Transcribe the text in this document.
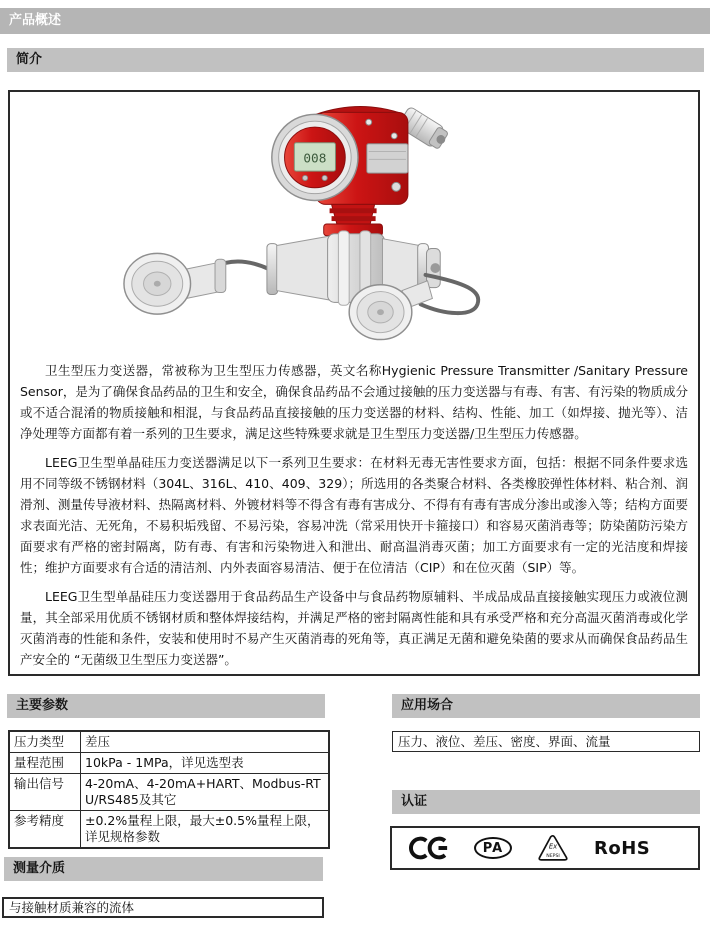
产品概述
简介
008

卫生型压力变送器，常被称为卫生型压力传感器，英文名称Hygienic Pressure Transmitter /Sanitary Pressure Sensor，是为了确保食品药品的卫生和安全，确保食品药品不会通过接触的压力变送器与有毒、有害、有污染的物质成分或不适合混淆的物质接触和相混，与食品药品直接接触的压力变送器的材料、结构、性能、加工（如焊接、抛光等）、洁净处理等方面都有着一系列的卫生要求，满足这些特殊要求就是卫生型压力变送器/卫生型压力传感器。

LEEG卫生型单晶硅压力变送器满足以下一系列卫生要求：在材料无毒无害性要求方面，包括：根据不同条件要求选用不同等级不锈钢材料（304L、316L、410、409、329）；所选用的各类聚合材料、各类橡胶弹性体材料、粘合剂、润滑剂、测量传导液材料、热隔离材料、外镀材料等不得含有毒有害成分、不得有有毒有害成分渗出或渗入等；结构方面要求表面光洁、无死角，不易积垢残留、不易污染，容易冲洗（常采用快开卡箍接口）和容易灭菌消毒等；防染菌防污染方面要求有严格的密封隔离，防有毒、有害和污染物进入和泄出、耐高温消毒灭菌；加工方面要求有一定的光洁度和焊接性；维护方面要求有合适的清洁剂、内外表面容易清洁、便于在位清洁（CIP）和在位灭菌（SIP）等。

LEEG卫生型单晶硅压力变送器用于食品药品生产设备中与食品药物原辅料、半成品成品直接接触实现压力或液位测量，其全部采用优质不锈钢材质和整体焊接结构，并满足严格的密封隔离性能和具有承受严格和充分高温灭菌消毒或化学灭菌消毒的性能和条件，安装和使用时不易产生灭菌消毒的死角等，真正满足无菌和避免染菌的要求从而确保食品药品生产安全的 “无菌级卫生型压力变送器”。

主要参数
压力类型	差压
量程范围	10kPa - 1MPa，详见选型表
输出信号	4-20mA、4-20mA+HART、Modbus-RTU/RS485及其它
参考精度	±0.2%量程上限，最大±0.5%量程上限，详见规格参数
应用场合
压力、液位、差压、密度、界面、流量
认证
PA	Ex
NEPSI RoHS
测量介质
与接触材质兼容的流体
